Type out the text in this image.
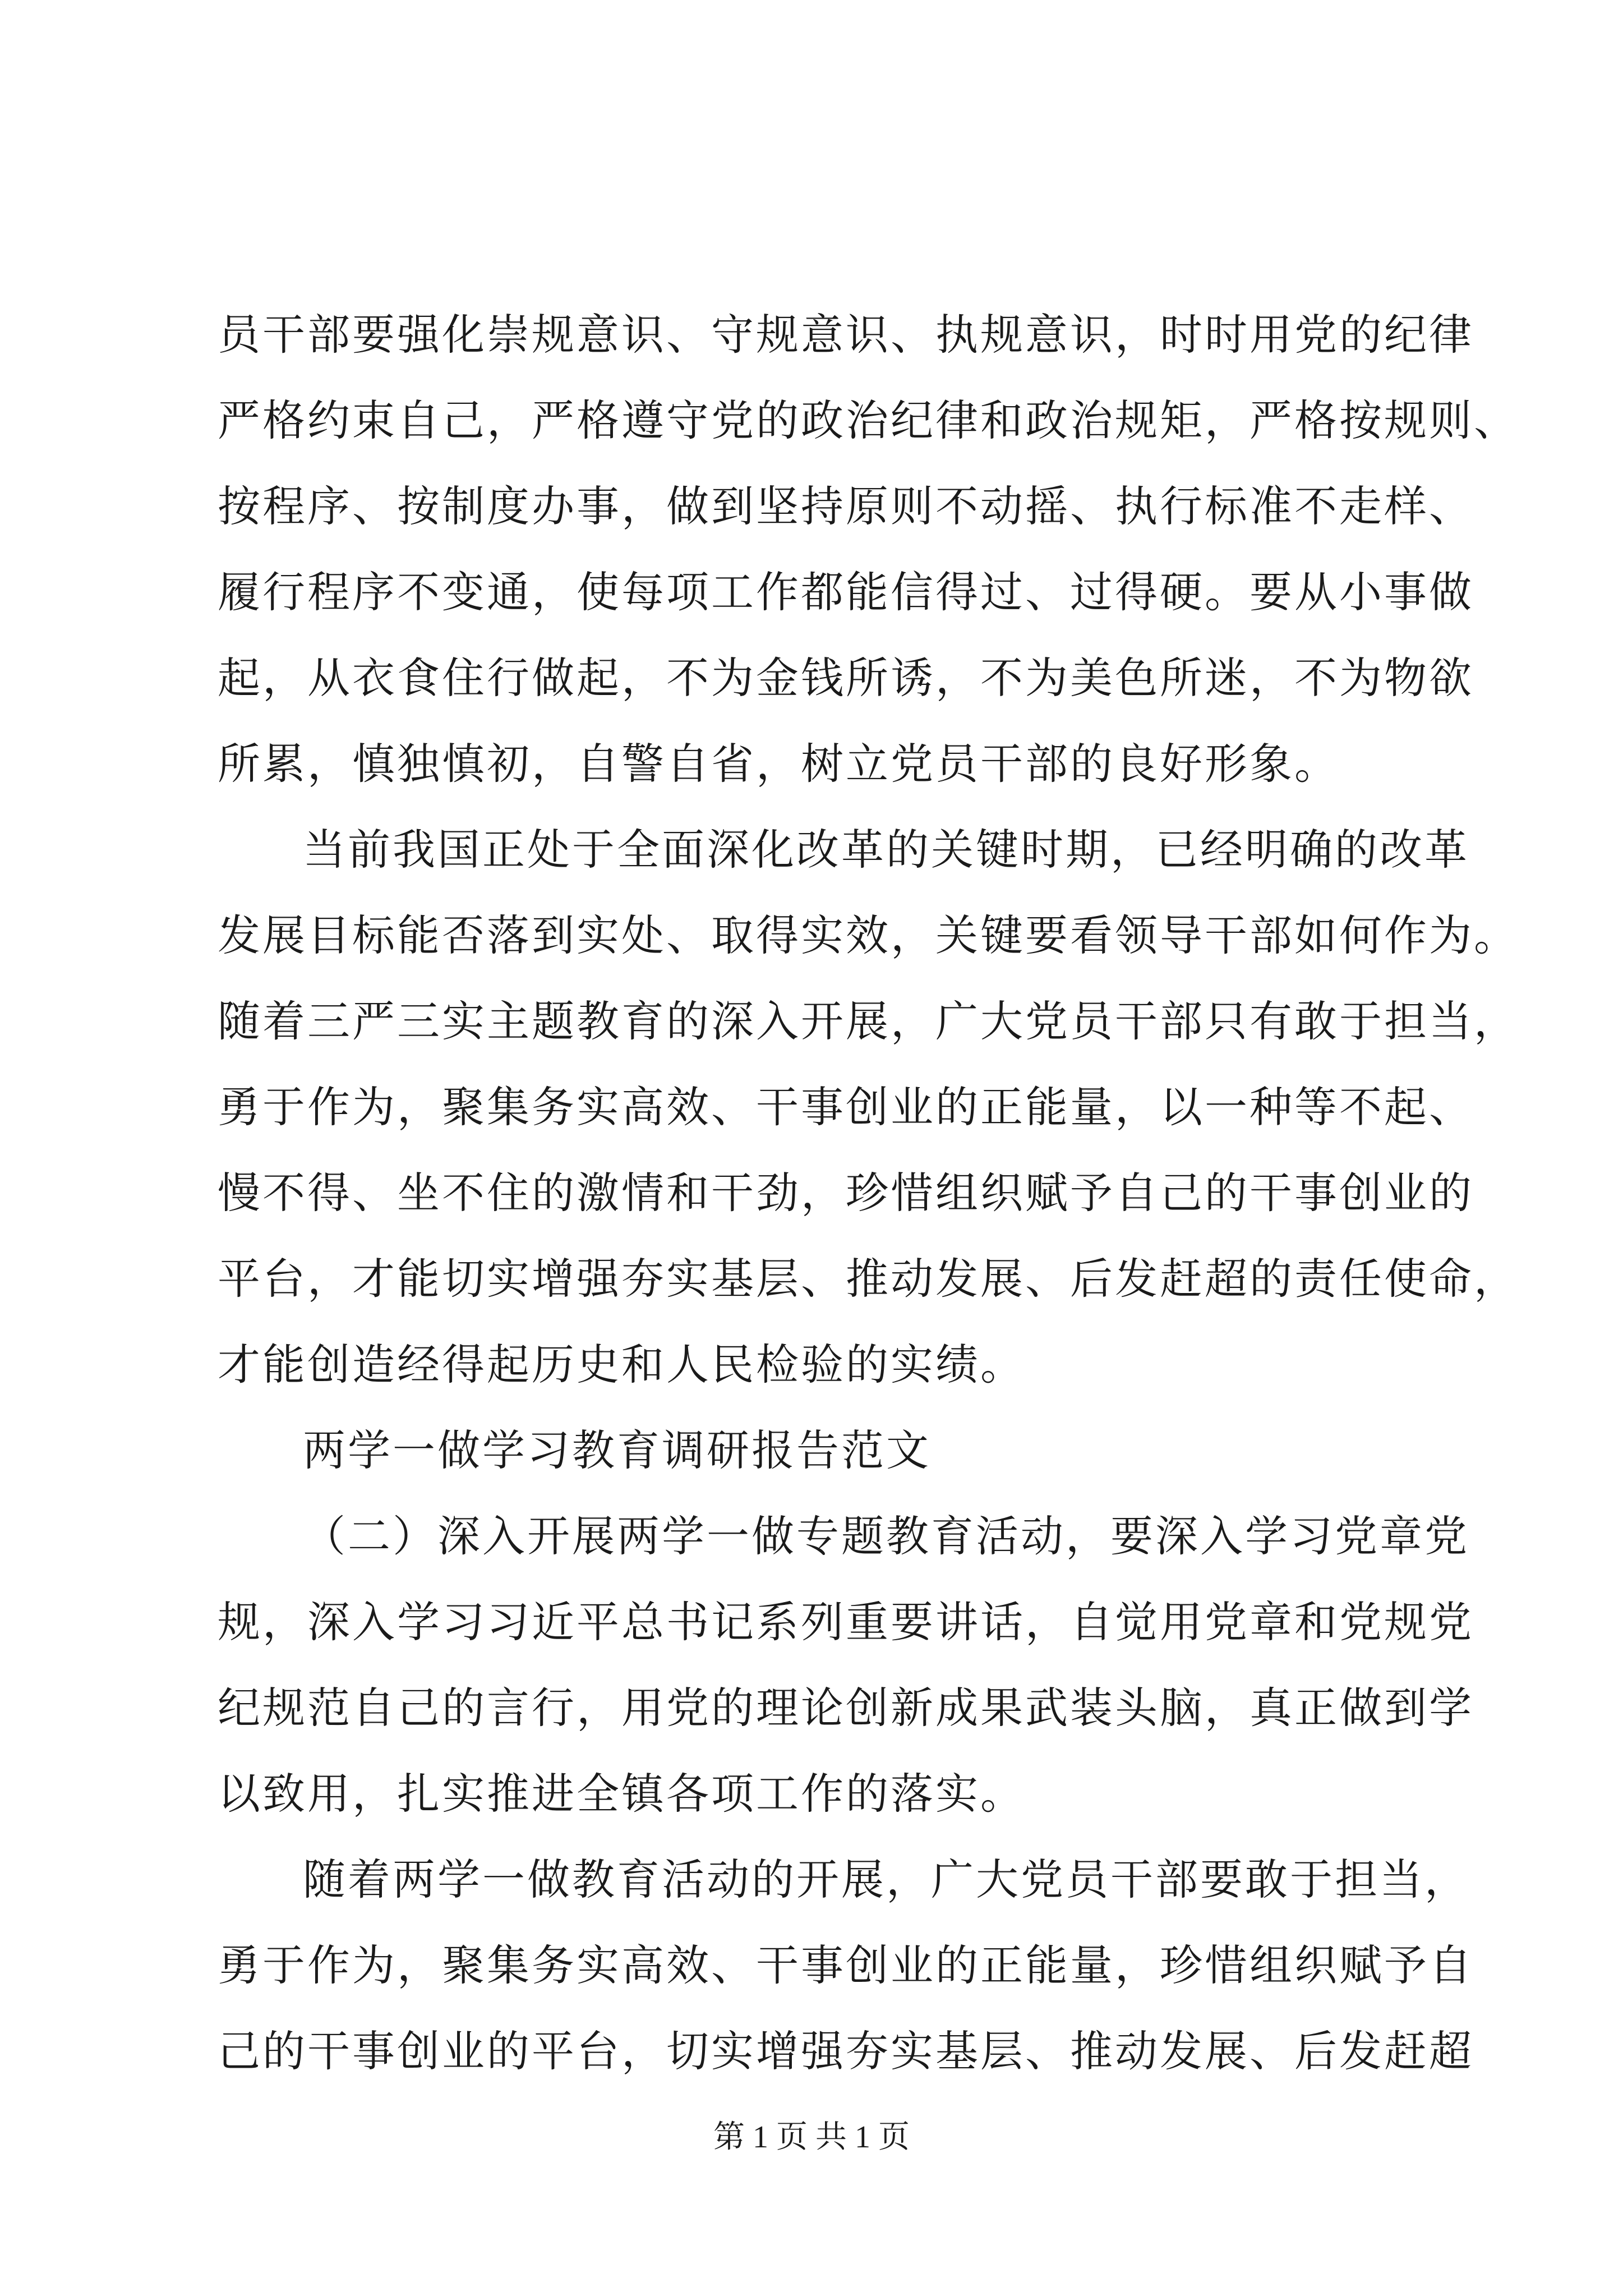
员干部要强化崇规意识、守规意识、执规意识，时时用党的纪律
严格约束自己，严格遵守党的政治纪律和政治规矩，严格按规则、
按程序、按制度办事，做到坚持原则不动摇、执行标准不走样、
履行程序不变通，使每项工作都能信得过、过得硬。要从小事做
起，从衣食住行做起，不为金钱所诱，不为美色所迷，不为物欲
所累，慎独慎初，自警自省，树立党员干部的良好形象。
当前我国正处于全面深化改革的关键时期，已经明确的改革
发展目标能否落到实处、取得实效，关键要看领导干部如何作为。
随着三严三实主题教育的深入开展，广大党员干部只有敢于担当，
勇于作为，聚集务实高效、干事创业的正能量，以一种等不起、
慢不得、坐不住的激情和干劲，珍惜组织赋予自己的干事创业的
平台，才能切实增强夯实基层、推动发展、后发赶超的责任使命，
才能创造经得起历史和人民检验的实绩。
两学一做学习教育调研报告范文
（二）深入开展两学一做专题教育活动，要深入学习党章党
规，深入学习习近平总书记系列重要讲话，自觉用党章和党规党
纪规范自己的言行，用党的理论创新成果武装头脑，真正做到学
以致用，扎实推进全镇各项工作的落实。
随着两学一做教育活动的开展，广大党员干部要敢于担当，
勇于作为，聚集务实高效、干事创业的正能量，珍惜组织赋予自
己的干事创业的平台，切实增强夯实基层、推动发展、后发赶超
第 1 页 共 1 页
